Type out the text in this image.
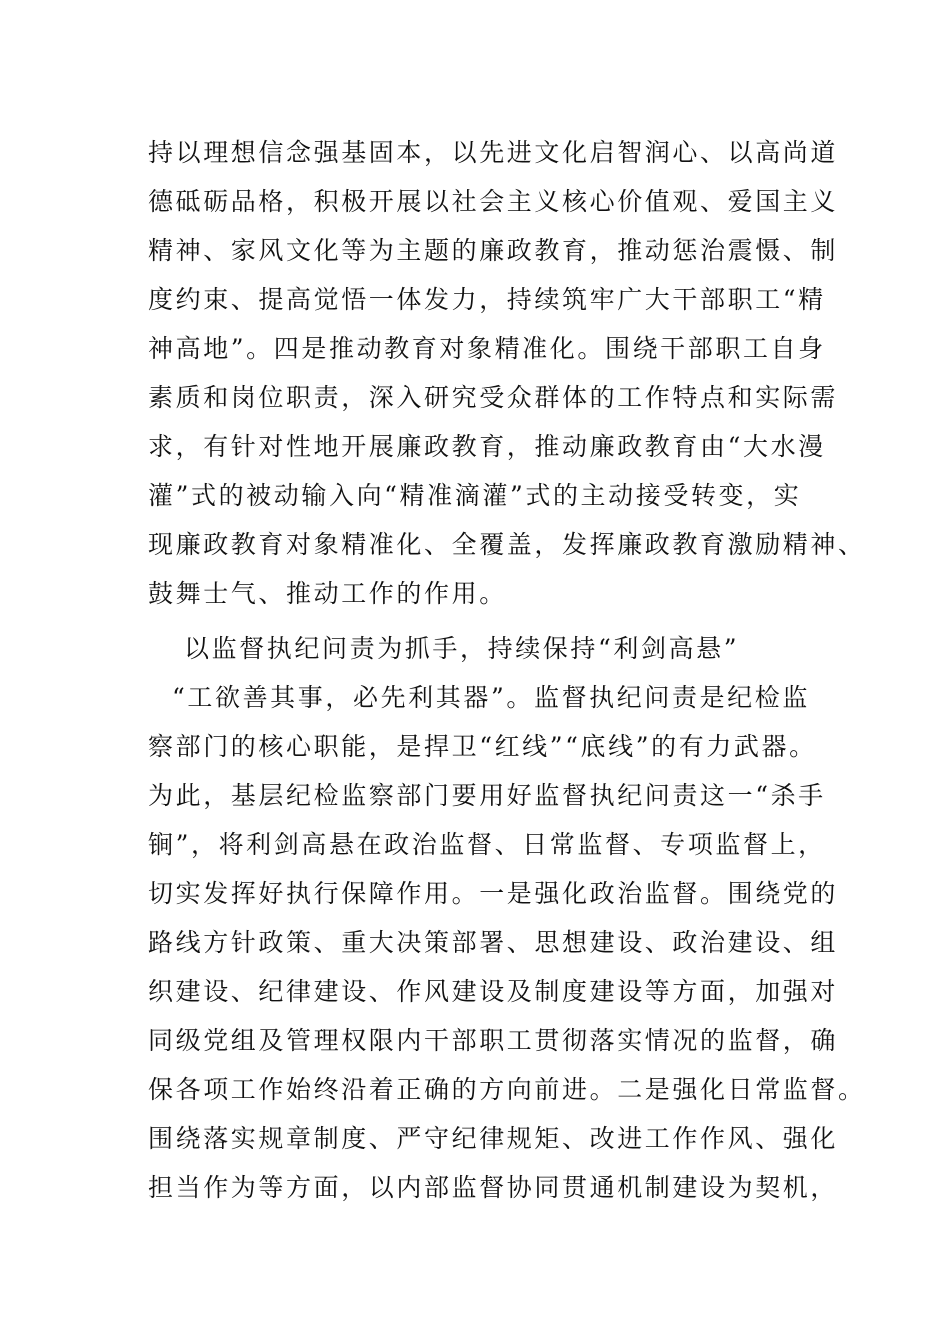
持以理想信念强基固本，以先进文化启智润心、以高尚道
德砥砺品格，积极开展以社会主义核心价值观、爱国主义
精神、家风文化等为主题的廉政教育，推动惩治震慑、制
度约束、提高觉悟一体发力，持续筑牢广大干部职工“精
神高地”。四是推动教育对象精准化。围绕干部职工自身
素质和岗位职责，深入研究受众群体的工作特点和实际需
求，有针对性地开展廉政教育，推动廉政教育由“大水漫
灌”式的被动输入向“精准滴灌”式的主动接受转变，实
现廉政教育对象精准化、全覆盖，发挥廉政教育激励精神、
鼓舞士气、推动工作的作用。
以监督执纪问责为抓手，持续保持“利剑高悬”
“工欲善其事，必先利其器”。监督执纪问责是纪检监
察部门的核心职能，是捍卫“红线”“底线”的有力武器。
为此，基层纪检监察部门要用好监督执纪问责这一“杀手
锏”，将利剑高悬在政治监督、日常监督、专项监督上，
切实发挥好执行保障作用。一是强化政治监督。围绕党的
路线方针政策、重大决策部署、思想建设、政治建设、组
织建设、纪律建设、作风建设及制度建设等方面，加强对
同级党组及管理权限内干部职工贯彻落实情况的监督，确
保各项工作始终沿着正确的方向前进。二是强化日常监督。
围绕落实规章制度、严守纪律规矩、改进工作作风、强化
担当作为等方面，以内部监督协同贯通机制建设为契机，
